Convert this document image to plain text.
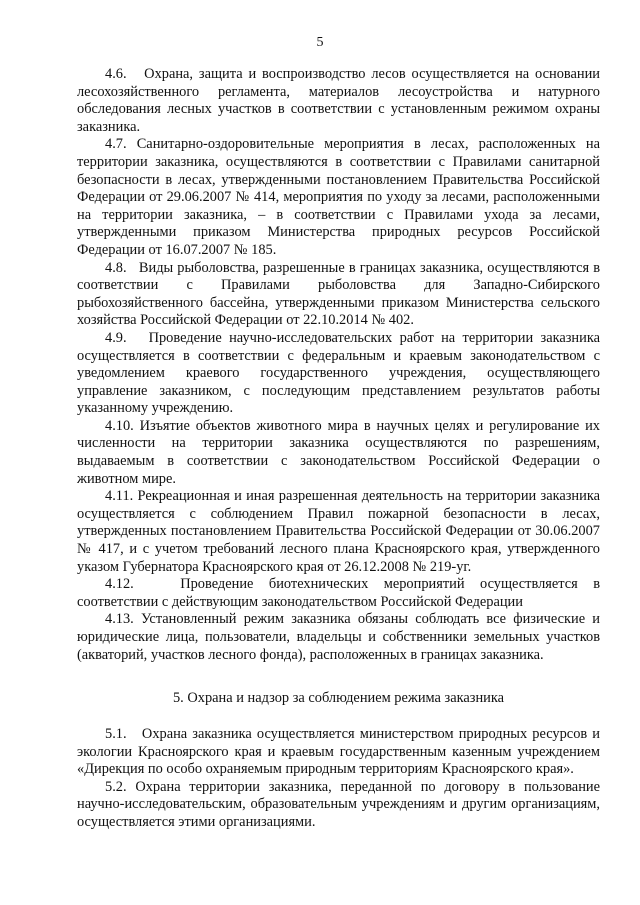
5

4.6.   Охрана, защита и воспроизводство лесов осуществляется на основании лесохозяйственного регламента, материалов лесоустройства и натурного обследования лесных участков в соответствии с установленным режимом охраны заказника.

4.7. Санитарно-оздоровительные мероприятия в лесах, расположенных на территории заказника, осуществляются в соответствии с Правилами санитарной безопасности в лесах, утвержденными постановлением Правительства Российской Федерации от 29.06.2007 № 414, мероприятия по уходу за лесами, расположенными на территории заказника, – в соответствии с Правилами ухода за лесами, утвержденными приказом Министерства природных ресурсов Российской Федерации от 16.07.2007 № 185.

4.8.   Виды рыболовства, разрешенные в границах заказника, осуществляются в соответствии с Правилами рыболовства для Западно-Сибирского рыбохозяйственного бассейна, утвержденными приказом Министерства сельского хозяйства Российской Федерации от 22.10.2014 № 402.

4.9.   Проведение научно-исследовательских работ на территории заказника осуществляется в соответствии с федеральным и краевым законодательством с уведомлением краевого государственного учреждения, осуществляющего управление заказником, с последующим представлением результатов работы указанному учреждению.

4.10. Изъятие объектов животного мира в научных целях и регулирование их численности на территории заказника осуществляются по разрешениям, выдаваемым в соответствии с законодательством Российской Федерации о животном мире.

4.11. Рекреационная и иная разрешенная деятельность на территории заказника осуществляется с соблюдением Правил пожарной безопасности в лесах, утвержденных постановлением Правительства Российской Федерации от 30.06.2007 № 417, и с учетом требований лесного плана Красноярского края, утвержденного указом Губернатора Красноярского края от 26.12.2008 № 219-уг.

4.12.   Проведение биотехнических мероприятий осуществляется в соответствии с действующим законодательством Российской Федерации

4.13. Установленный режим заказника обязаны соблюдать все физические и юридические лица, пользователи, владельцы и собственники земельных участков (акваторий, участков лесного фонда), расположенных в границах заказника.

5. Охрана и надзор за соблюдением режима заказника

5.1.   Охрана заказника осуществляется министерством природных ресурсов и экологии Красноярского края и краевым государственным казенным учреждением «Дирекция по особо охраняемым природным территориям Красноярского края».

5.2. Охрана территории заказника, переданной по договору в пользование научно-исследовательским, образовательным учреждениям и другим организациям, осуществляется этими организациями.
